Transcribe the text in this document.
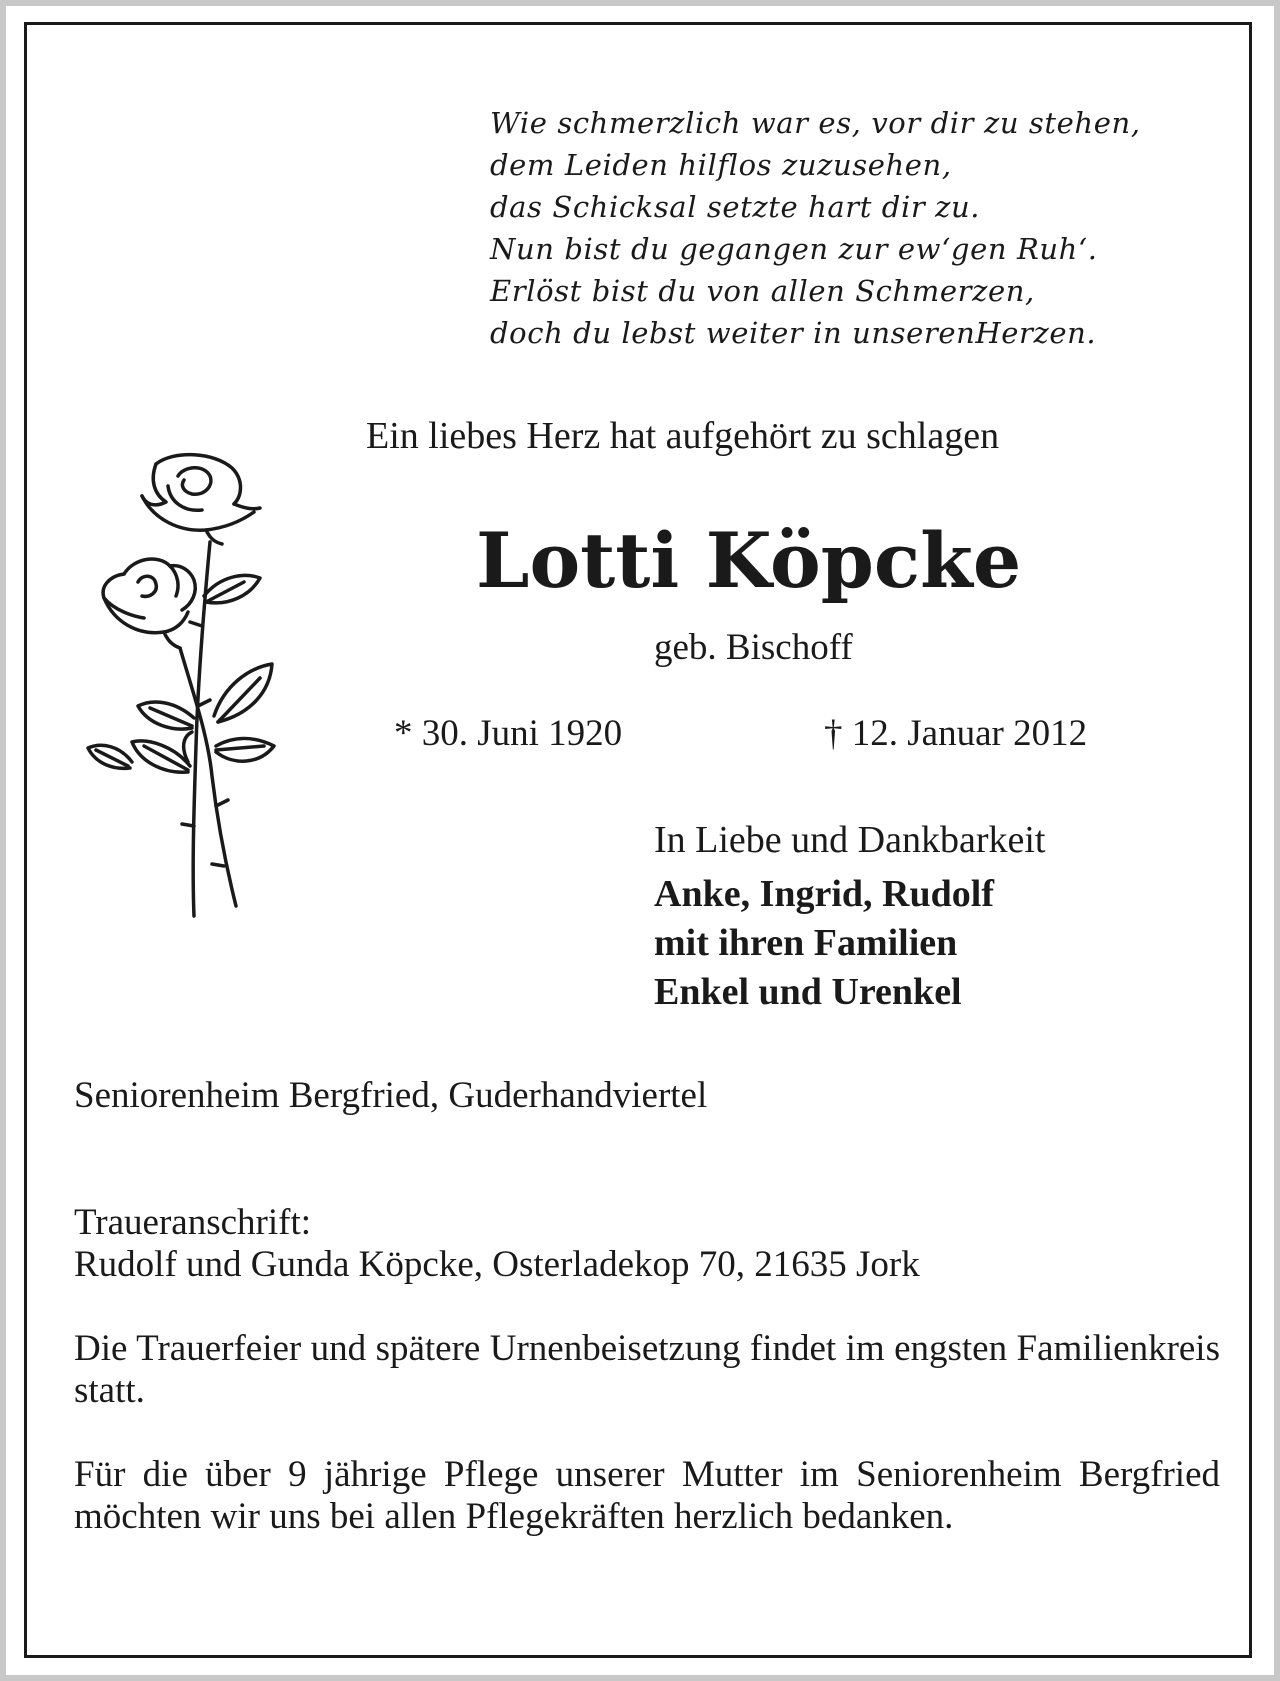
Wie schmerzlich war es, vor dir zu stehen,
dem Leiden hilflos zuzusehen,
das Schicksal setzte hart dir zu.
Nun bist du gegangen zur ew‘gen Ruh‘.
Erlöst bist du von allen Schmerzen,
doch du lebst weiter in unserenHerzen.
Ein liebes Herz hat aufgehört zu schlagen
Lotti Köpcke
geb. Bischoff
* 30. Juni 1920	† 12. Januar 2012
In Liebe und Dankbarkeit
Anke, Ingrid, Rudolf
mit ihren Familien
Enkel und Urenkel
Seniorenheim Bergfried, Guderhandviertel
Traueranschrift:
Rudolf und Gunda Köpcke, Osterladekop 70, 21635 Jork
Die Trauerfeier und spätere Urnenbeisetzung findet im engsten Familienkreis statt.
Für die über 9 jährige Pflege unserer Mutter im Seniorenheim Bergfried möchten wir uns bei allen Pflegekräften herzlich bedanken.
